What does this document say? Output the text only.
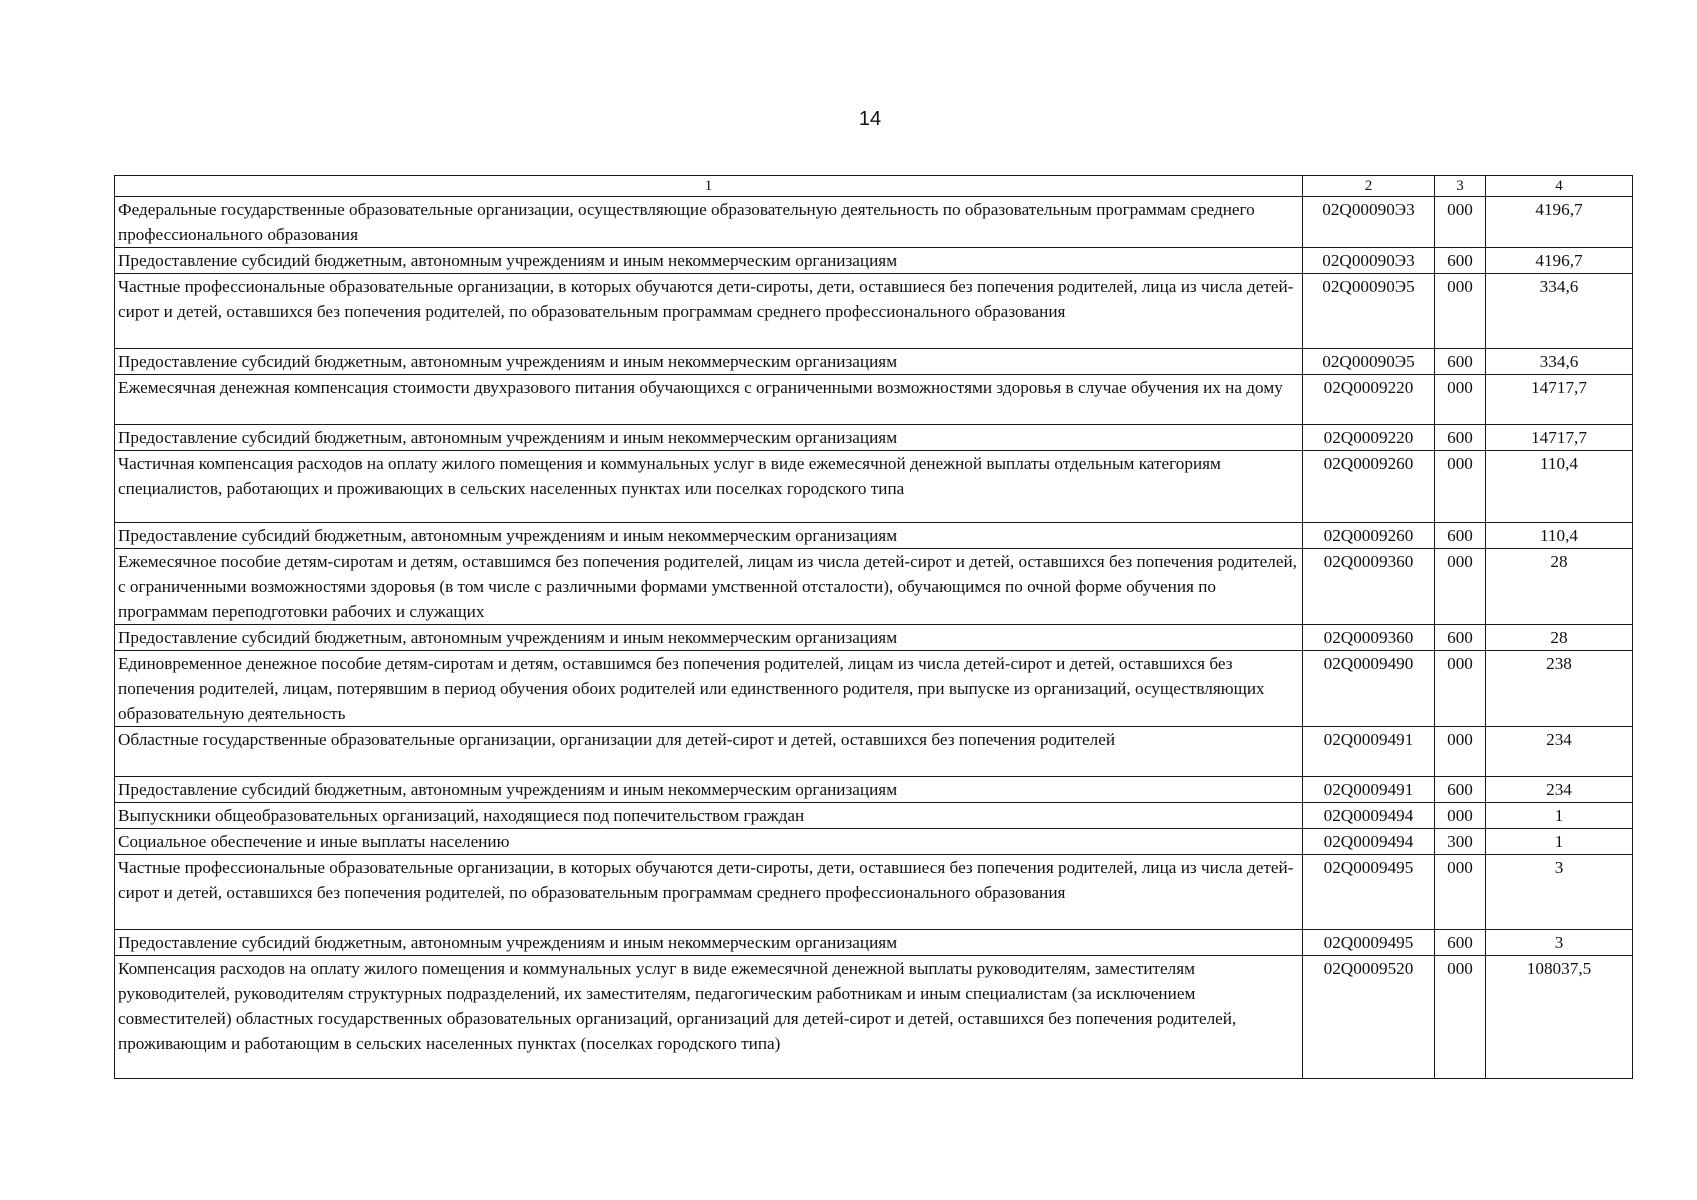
14
1	2	3	4
Федеральные государственные образовательные организации, осуществляющие образовательную деятельность по образовательным программам среднего профессионального образования	02Q00090Э3	000	4196,7
Предоставление субсидий бюджетным, автономным учреждениям и иным некоммерческим организациям	02Q00090Э3	600	4196,7
Частные профессиональные образовательные организации, в которых обучаются дети-сироты, дети, оставшиеся без попечения родителей, лица из числа детей-сирот и детей, оставшихся без попечения родителей, по образовательным программам среднего профессионального образования	02Q00090Э5	000	334,6
Предоставление субсидий бюджетным, автономным учреждениям и иным некоммерческим организациям	02Q00090Э5	600	334,6
Ежемесячная денежная компенсация стоимости двухразового питания обучающихся с ограниченными возможностями здоровья в случае обучения их на дому	02Q0009220	000	14717,7
Предоставление субсидий бюджетным, автономным учреждениям и иным некоммерческим организациям	02Q0009220	600	14717,7
Частичная компенсация расходов на оплату жилого помещения и коммунальных услуг в виде ежемесячной денежной выплаты отдельным категориям специалистов, работающих и проживающих в сельских населенных пунктах или поселках городского типа	02Q0009260	000	110,4
Предоставление субсидий бюджетным, автономным учреждениям и иным некоммерческим организациям	02Q0009260	600	110,4
Ежемесячное пособие детям-сиротам и детям, оставшимся без попечения родителей, лицам из числа детей-сирот и детей, оставшихся без попечения родителей, с ограниченными возможностями здоровья (в том числе с различными формами умственной отсталости), обучающимся по очной форме обучения по программам переподготовки рабочих и служащих	02Q0009360	000	28
Предоставление субсидий бюджетным, автономным учреждениям и иным некоммерческим организациям	02Q0009360	600	28
Единовременное денежное пособие детям-сиротам и детям, оставшимся без попечения родителей, лицам из числа детей-сирот и детей, оставшихся без попечения родителей, лицам, потерявшим в период обучения обоих родителей или единственного родителя, при выпуске из организаций, осуществляющих образовательную деятельность	02Q0009490	000	238
Областные государственные образовательные организации, организации для детей-сирот и детей, оставшихся без попечения родителей	02Q0009491	000	234
Предоставление субсидий бюджетным, автономным учреждениям и иным некоммерческим организациям	02Q0009491	600	234
Выпускники общеобразовательных организаций, находящиеся под попечительством граждан	02Q0009494	000	1
Социальное обеспечение и иные выплаты населению	02Q0009494	300	1
Частные профессиональные образовательные организации, в которых обучаются дети-сироты, дети, оставшиеся без попечения родителей, лица из числа детей-сирот и детей, оставшихся без попечения родителей, по образовательным программам среднего профессионального образования	02Q0009495	000	3
Предоставление субсидий бюджетным, автономным учреждениям и иным некоммерческим организациям	02Q0009495	600	3
Компенсация расходов на оплату жилого помещения и коммунальных услуг в виде ежемесячной денежной выплаты руководителям, заместителям руководителей, руководителям структурных подразделений, их заместителям, педагогическим работникам и иным специалистам (за исключением совместителей) областных государственных образовательных организаций, организаций для детей-сирот и детей, оставшихся без попечения родителей, проживающим и работающим в сельских населенных пунктах (поселках городского типа)	02Q0009520	000	108037,5
